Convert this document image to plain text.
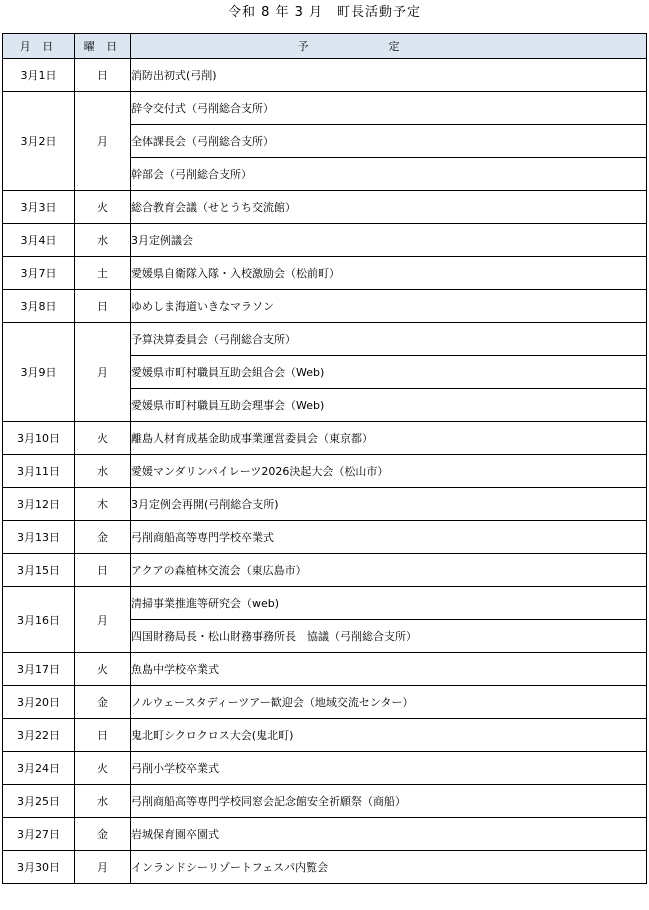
令和 8 年 3 月　町長活動予定
月 日	曜 日	予定
3月1日	日	消防出初式(弓削)
3月2日	月	辞令交付式（弓削総合支所）
		全体課長会（弓削総合支所）
		幹部会（弓削総合支所）
3月3日	火	総合教育会議（せとうち交流館）
3月4日	水	3月定例議会
3月7日	土	愛媛県自衛隊入隊・入校激励会（松前町）
3月8日	日	ゆめしま海道いきなマラソン
3月9日	月	予算決算委員会（弓削総合支所）
		愛媛県市町村職員互助会組合会（Web)
		愛媛県市町村職員互助会理事会（Web)
3月10日	火	離島人材育成基金助成事業運営委員会（東京都）
3月11日	水	愛媛マンダリンパイレーツ2026決起大会（松山市）
3月12日	木	3月定例会再開(弓削総合支所)
3月13日	金	弓削商船高等専門学校卒業式
3月15日	日	アクアの森植林交流会（東広島市）
3月16日	月	清掃事業推進等研究会（web)
		四国財務局長・松山財務事務所長　協議（弓削総合支所）
3月17日	火	魚島中学校卒業式
3月20日	金	ノルウェースタディーツアー歓迎会（地域交流センター）
3月22日	日	鬼北町シクロクロス大会(鬼北町)
3月24日	火	弓削小学校卒業式
3月25日	水	弓削商船高等専門学校同窓会記念館安全祈願祭（商船）
3月27日	金	岩城保育園卒園式
3月30日	月	インランドシーリゾートフェスパ内覧会
